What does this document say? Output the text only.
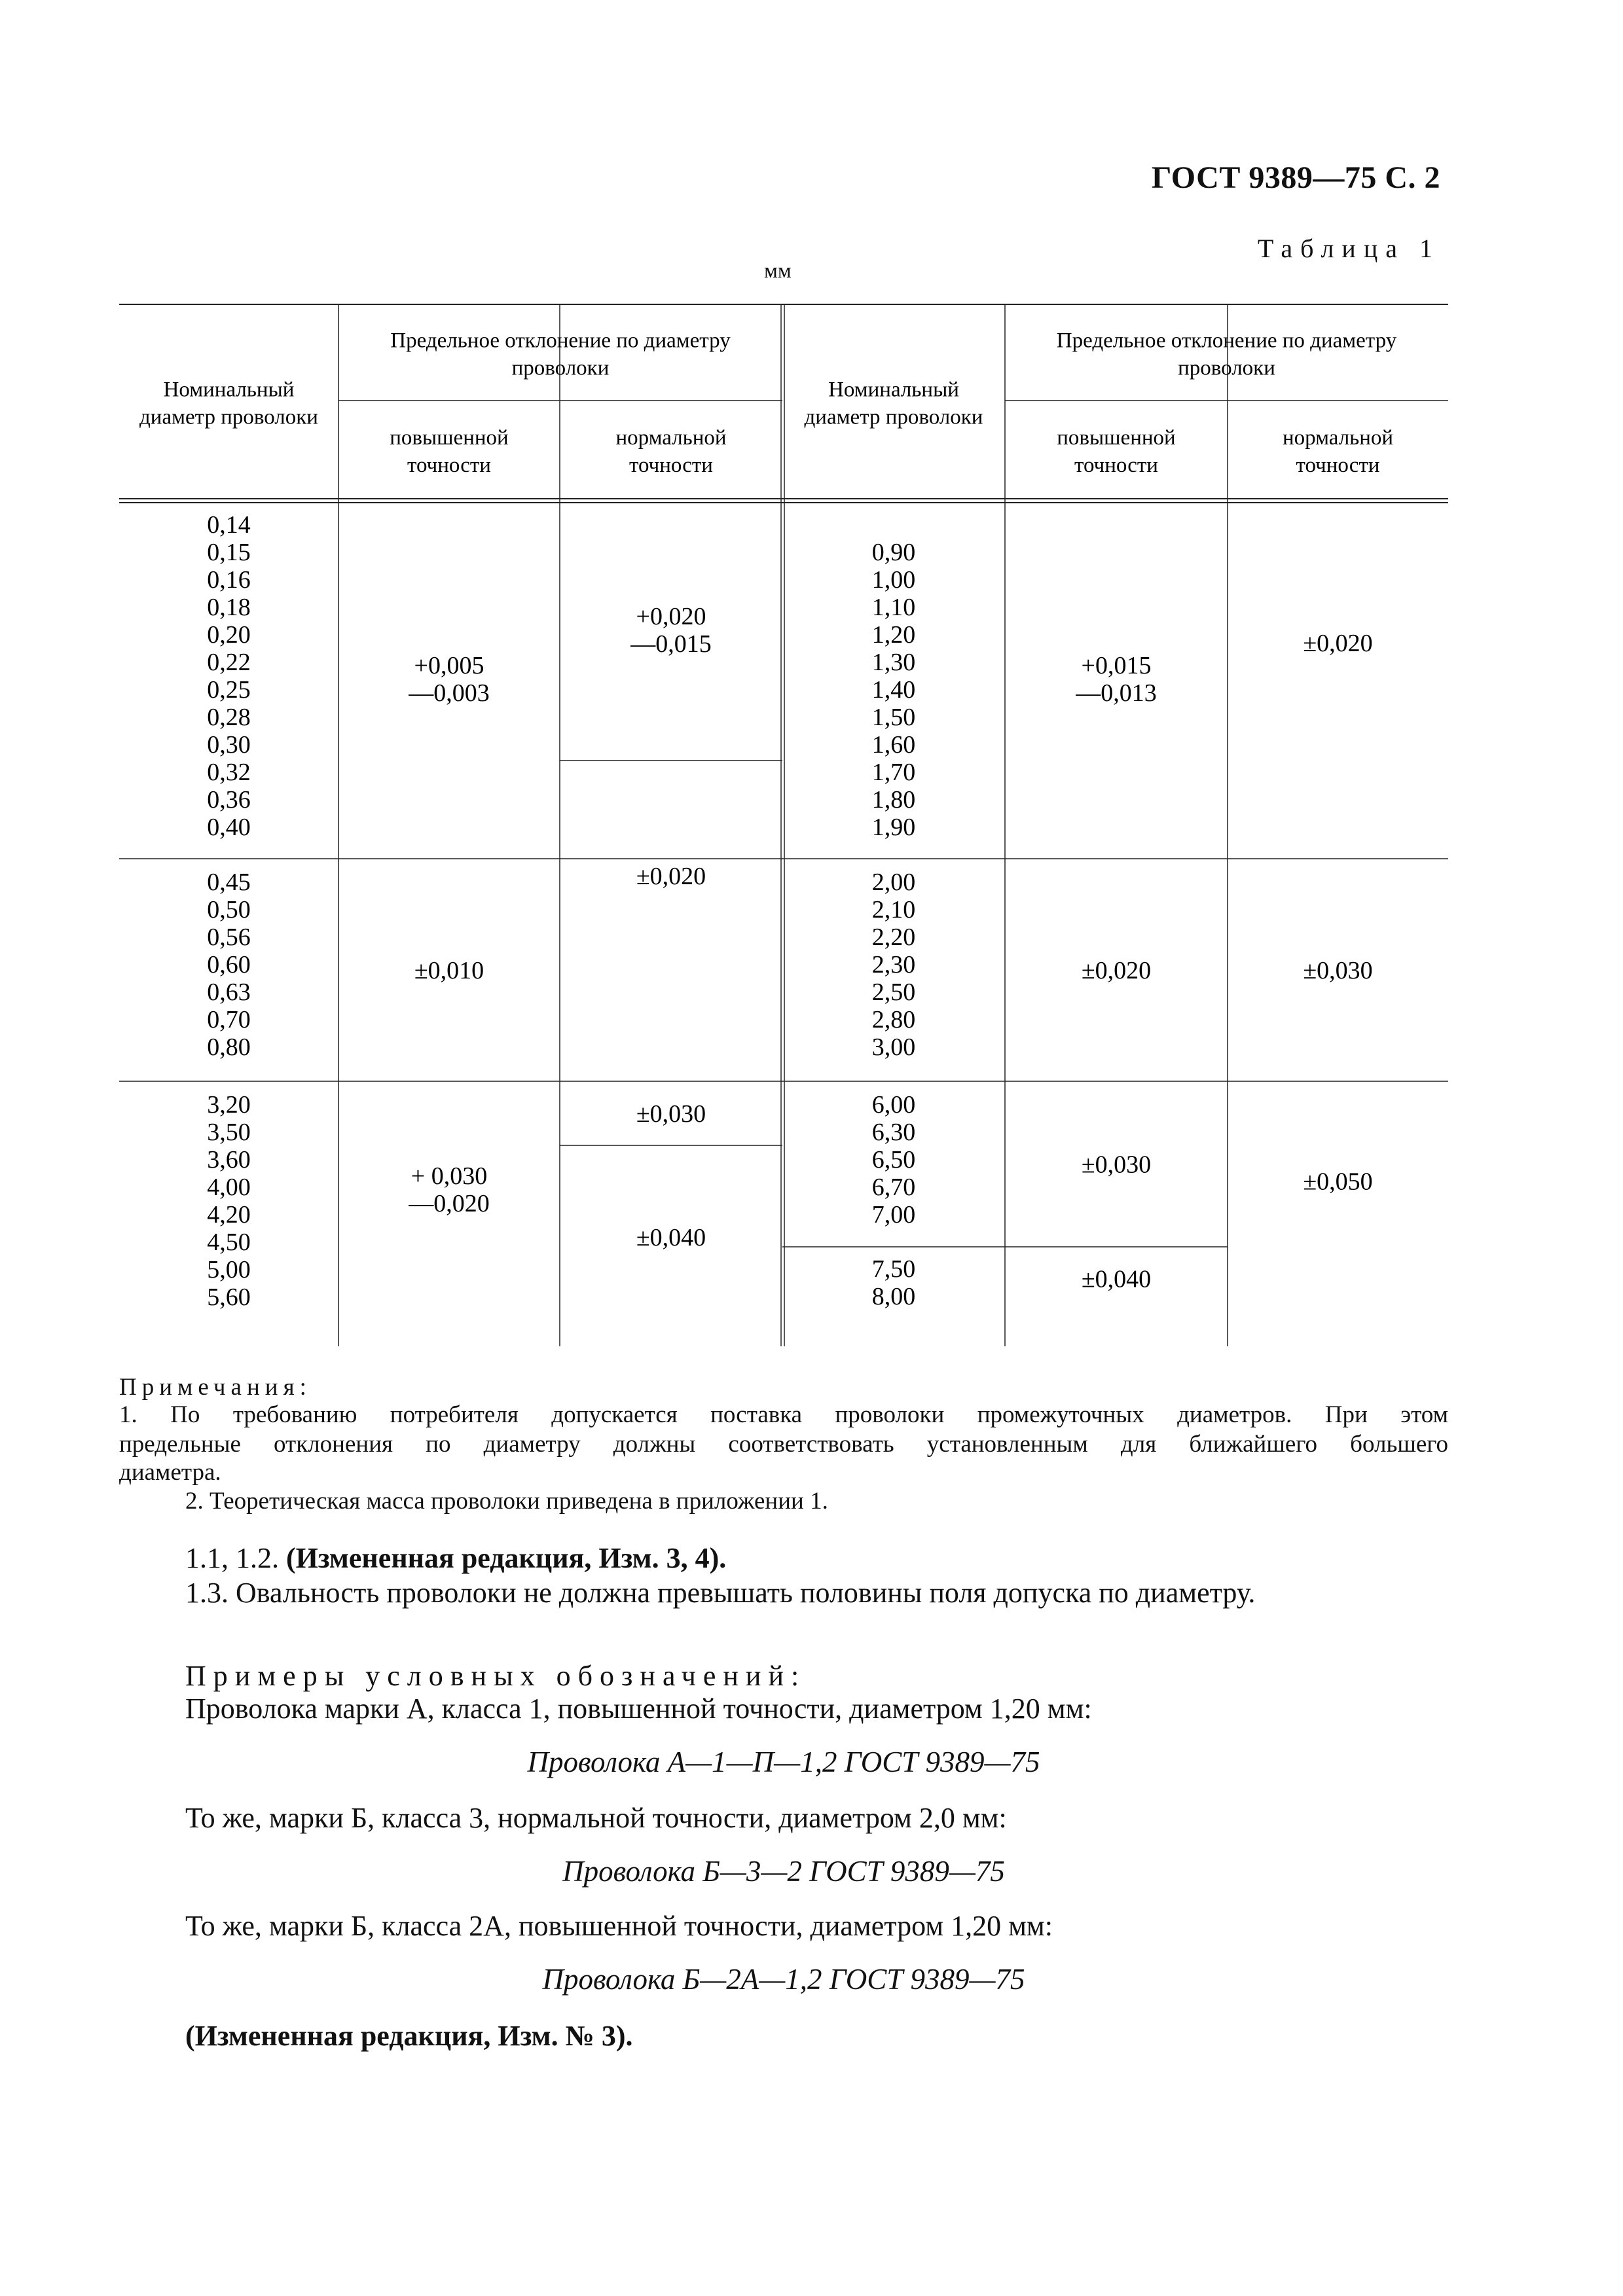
ГОСТ 9389—75 С. 2
Таблица 1
мм
Номинальный
диаметр проволоки
Номинальный
диаметр проволоки
Предельное отклонение по диаметру
проволоки
Предельное отклонение по диаметру
проволоки
повышенной
точности
нормальной
точности
повышенной
точности
нормальной
точности
0,14
0,15
0,16
0,18
0,20
0,22
0,25
0,28
0,30
0,32
0,36
0,40
+0,005
—0,003
+0,020
—0,015
0,45
0,50
0,56
0,60
0,63
0,70
0,80
±0,010
±0,020
3,20
3,50
3,60
4,00
4,20
4,50
5,00
5,60
+ 0,030
—0,020
±0,030
±0,040
0,90
1,00
1,10
1,20
1,30
1,40
1,50
1,60
1,70
1,80
1,90
+0,015
—0,013
±0,020
2,00
2,10
2,20
2,30
2,50
2,80
3,00
±0,020	±0,030
6,00
6,30
6,50
6,70
7,00
±0,030
7,50
8,00
±0,040
±0,050
Примечания:
1. По требованию потребителя допускается поставка проволоки промежуточных диаметров. При этом
предельные отклонения по диаметру должны соответствовать установленным для ближайшего большего
диаметра.
2. Теоретическая масса проволоки приведена в приложении 1.
1.1, 1.2. (Измененная редакция, Изм. 3, 4).
1.3. Овальность проволоки не должна превышать половины поля допуска по диаметру.
Примеры условных обозначений:
Проволока марки А, класса 1, повышенной точности, диаметром 1,20 мм:
Проволока А—1—П—1,2 ГОСТ 9389—75
То же, марки Б, класса 3, нормальной точности, диаметром 2,0 мм:
Проволока Б—3—2 ГОСТ 9389—75
То же, марки Б, класса 2А, повышенной точности, диаметром 1,20 мм:
Проволока Б—2А—1,2 ГОСТ 9389—75
(Измененная редакция, Изм. № 3).
